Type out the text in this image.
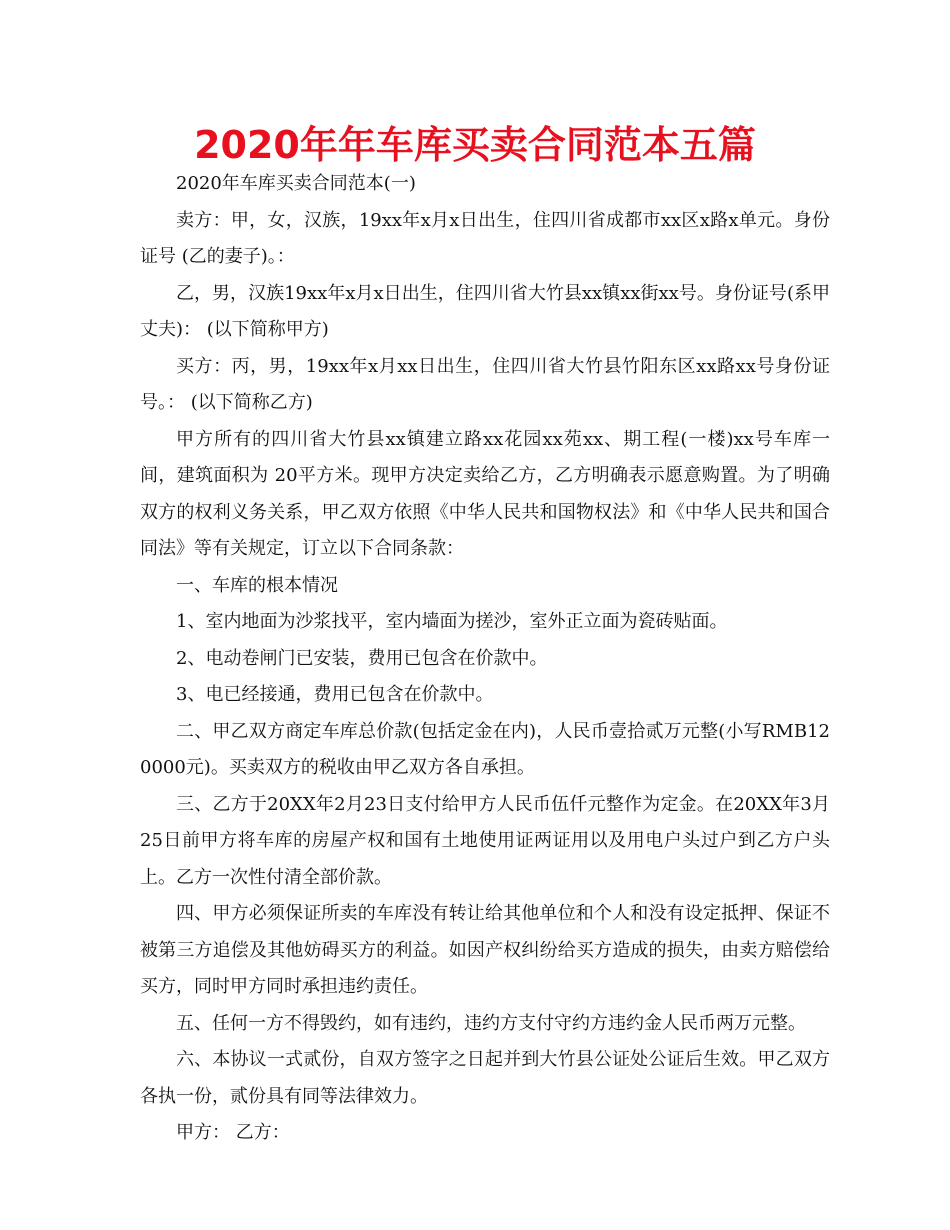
2020年年车库买卖合同范本五篇

2020年车库买卖合同范本(一)

卖方：甲，女，汉族，19xx年x月x日出生，住四川省成都市xx区x路x单元。身份证号 (乙的妻子)。：

乙，男，汉族19xx年x月x日出生，住四川省大竹县xx镇xx街xx号。身份证号(系甲丈夫)： (以下简称甲方)

买方：丙，男，19xx年x月xx日出生，住四川省大竹县竹阳东区xx路xx号身份证号。： (以下简称乙方)

甲方所有的四川省大竹县xx镇建立路xx花园xx苑xx、期工程(一楼)xx号车库一间，建筑面积为 20平方米。现甲方决定卖给乙方，乙方明确表示愿意购置。为了明确双方的权利义务关系，甲乙双方依照《中华人民共和国物权法》和《中华人民共和国合同法》等有关规定，订立以下合同条款：

一、车库的根本情况

1、室内地面为沙浆找平，室内墙面为搓沙，室外正立面为瓷砖贴面。

2、电动卷闸门已安装，费用已包含在价款中。

3、电已经接通，费用已包含在价款中。

二、甲乙双方商定车库总价款(包括定金在内)，人民币壹拾贰万元整(小写RMB120000元)。买卖双方的税收由甲乙双方各自承担。

三、乙方于20XX年2月23日支付给甲方人民币伍仟元整作为定金。在20XX年3月25日前甲方将车库的房屋产权和国有土地使用证两证用以及用电户头过户到乙方户头上。乙方一次性付清全部价款。

四、甲方必须保证所卖的车库没有转让给其他单位和个人和没有设定抵押、保证不被第三方追偿及其他妨碍买方的利益。如因产权纠纷给买方造成的损失，由卖方赔偿给买方，同时甲方同时承担违约责任。

五、任何一方不得毁约，如有违约，违约方支付守约方违约金人民币两万元整。

六、本协议一式贰份，自双方签字之日起并到大竹县公证处公证后生效。甲乙双方各执一份，贰份具有同等法律效力。

甲方： 乙方：
